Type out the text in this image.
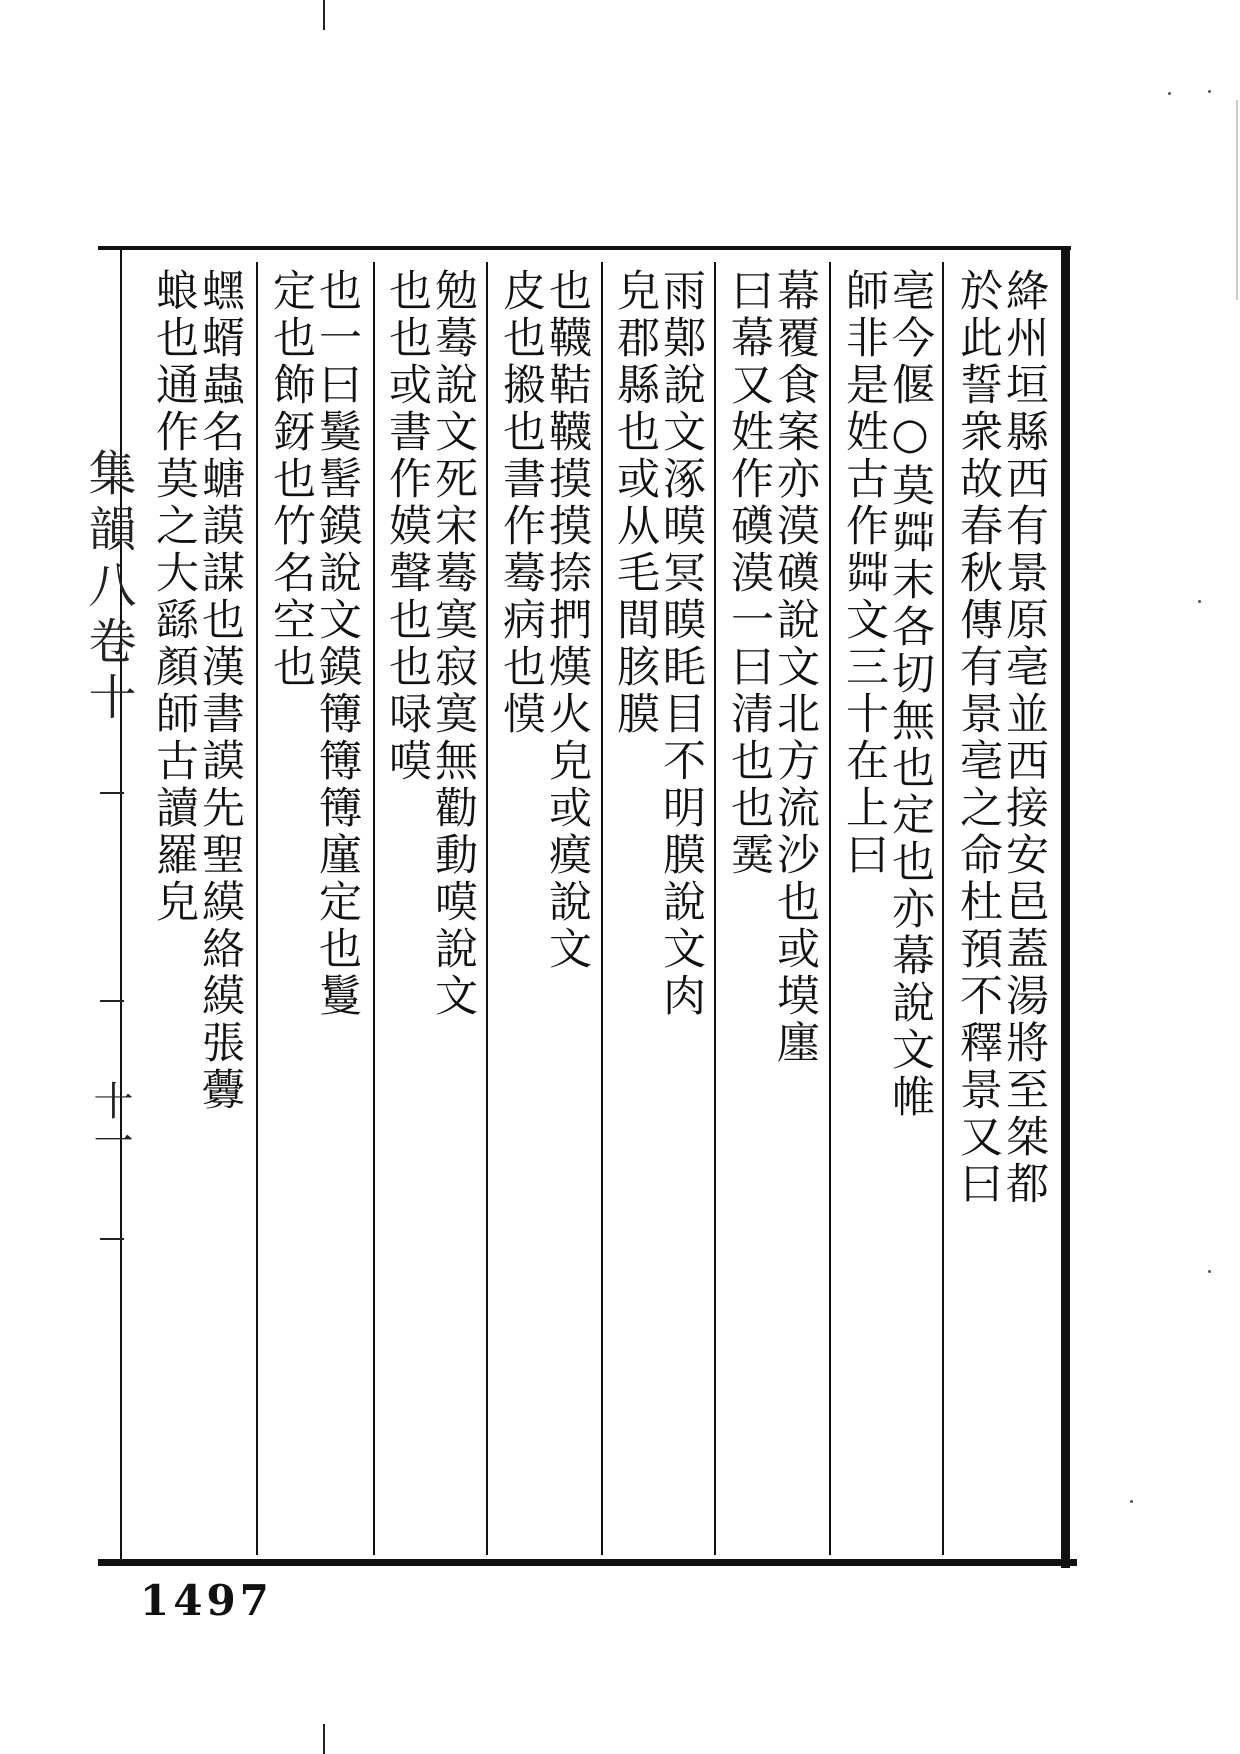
集韻八卷十
十一	絳州垣縣西有景原亳並西接安邑蓋湯將至桀都
於此誓衆故春秋傳有景亳之命杜預不釋景又曰
亳今偃○莫茻末各切無也定也亦幕說文帷
師非是姓古作茻文三十在上曰
幕覆食案亦漠磸說文北方流沙也或塻廛
曰幕又姓作磸漠一曰清也也霙
雨鄚說文涿暯冥瞙眊目不明膜說文肉
皃郡縣也或从毛間胲膜
也韈鞊韈摸摸捺捫熯火皃或瘼說文
皮也摋也書作蓦病也慔
勉蓦說文死宋蓦寞寂寞無勸動嗼說文
也也或書作嫫聲也也㖨嗼
也一曰鬕髺鏌說文鏌簙簙簙廑定也鬘
定也飾釾也竹名空也
蟔蝑蟲名螗謨謀也漢書謨先聖縸絡縸張虋
蜋也通作莫之大繇顏師古讀羅皃
1497
